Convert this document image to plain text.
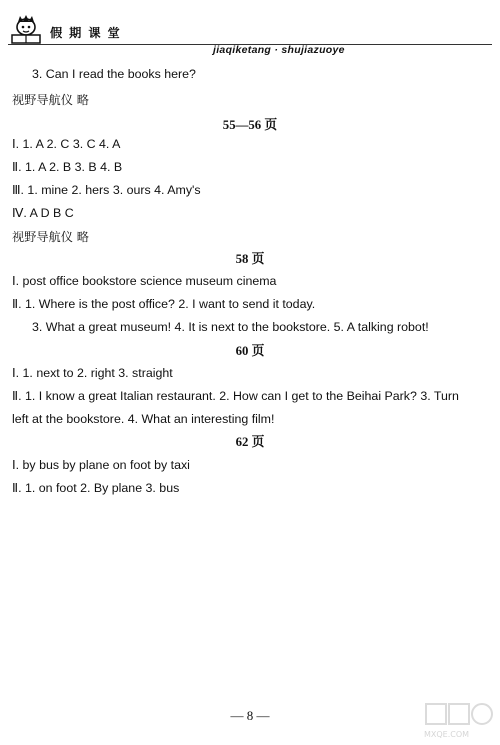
假期课堂
jiaqiketang · shujiazuoye
3. Can I read the books here?
视野导航仪 略
55—56 页
Ⅰ. 1. A 2. C 3. C 4. A
Ⅱ. 1. A 2. B 3. B 4. B
Ⅲ. 1. mine 2. hers 3. ours 4. Amy's
Ⅳ. A D B C
视野导航仪 略
58 页
Ⅰ. post office bookstore science museum cinema
Ⅱ. 1. Where is the post office? 2. I want to send it today.
3. What a great museum! 4. It is next to the bookstore. 5. A talking robot!
60 页
Ⅰ. 1. next to 2. right 3. straight
Ⅱ. 1. I know a great Italian restaurant. 2. How can I get to the Beihai Park? 3. Turn
left at the bookstore. 4. What an interesting film!
62 页
Ⅰ. by bus by plane on foot by taxi
Ⅱ. 1. on foot 2. By plane 3. bus
— 8 —
MXQE.COM
